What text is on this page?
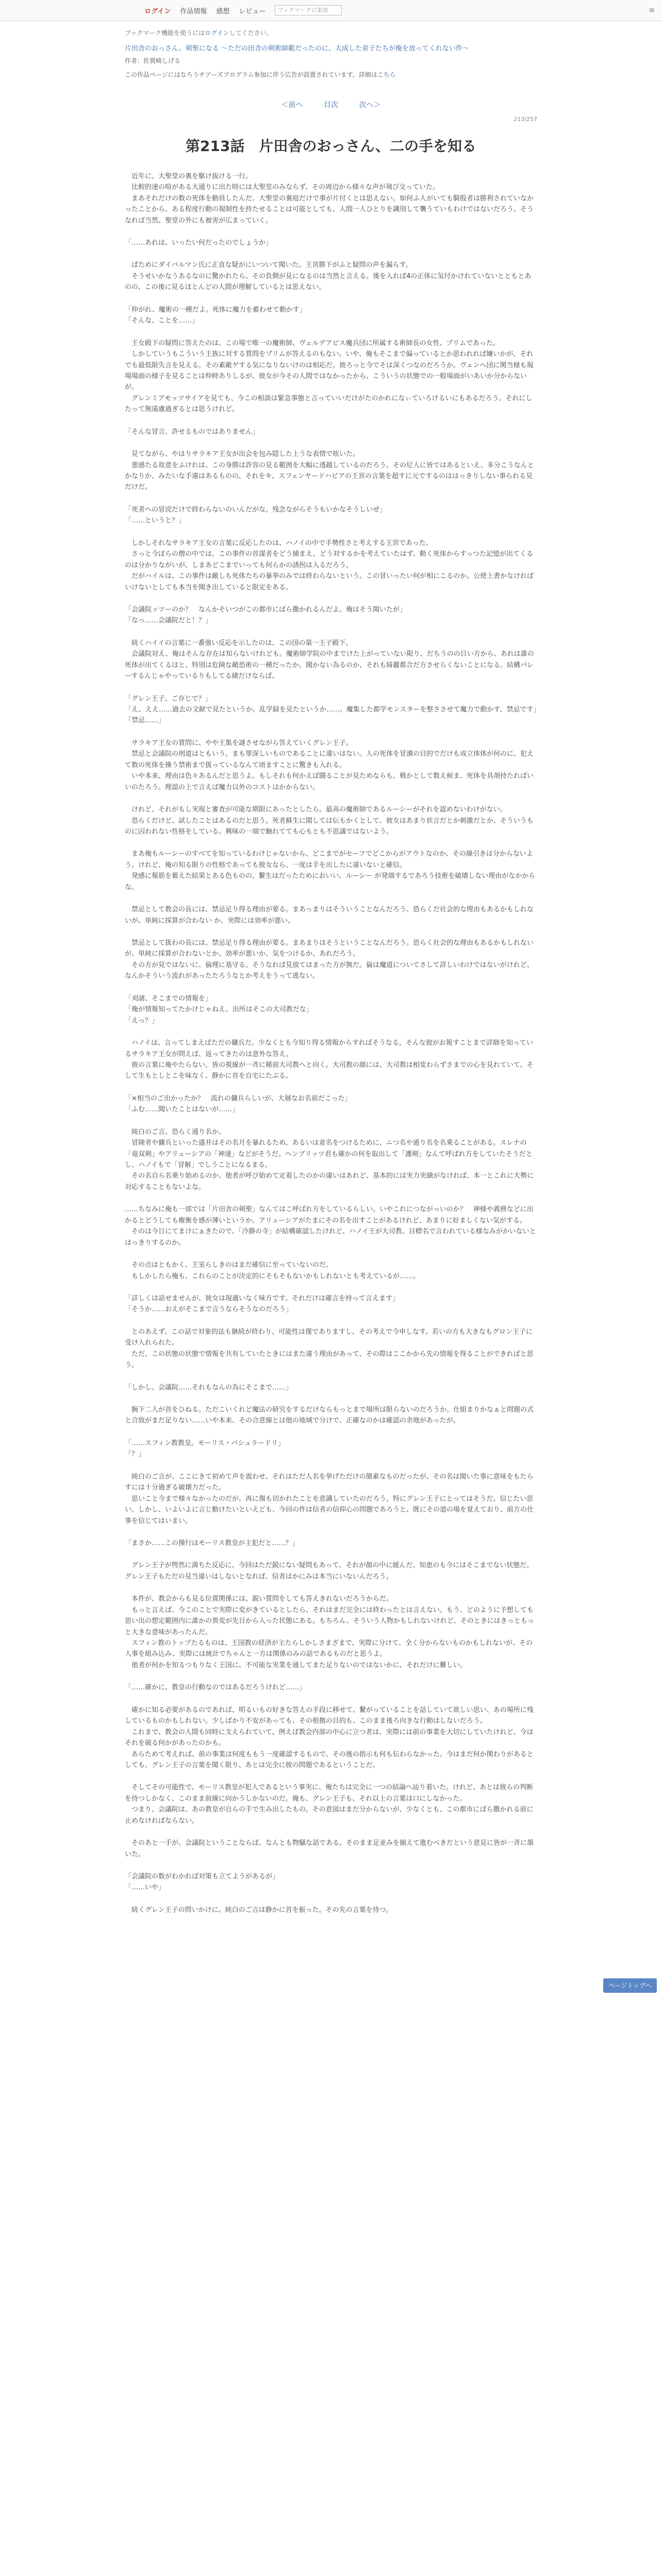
ログイン 作品情報 感想 レビュー	ブックマークに追加	≡
ブックマーク機能を使うにはログインしてください。
片田舎のおっさん、剣聖になる ～ただの田舎の剣術師範だったのに、大成した弟子たちが俺を放ってくれない件～
作者：佐賀崎しげる
この作品ページにはなろうチアーズプログラム参加に伴う広告が設置されています。詳細はこちら
＜前へ	目次	次へ＞
213/257
第213話　片田舎のおっさん、二の手を知る

　近年に、大聖堂の裏を駆け抜ける一行。

　比較的速の喧がある大通りに出た時には大聖堂のみならず、その周辺から様々な声が飛び交っていた。

　まあそれだけの数の死体を動員したんだ。大聖堂の裏庭だけで事が片付くとは思えない。如何ふ人がいても騎股者は勝利されていなかったことから、ある程度行動の規制性を持たせることは可能としても、人間一人ひとりを識別して襲うていもわけではないだろう。そうなれば当然、聖堂の外にも被害が広まっていく。

「……あれは、いったい何だったのでしょうか」

　ぱためにダイバルマン氏に正直な疑がにいついて聞いた。王宮勝下がふと疑問の声を漏らす。

　そうせいかなうあるなのに驚かれたら、その負側が見になるのは当然と言える。後を入れば4の正体に気付かけれていないとともとあのの、この後に見るほとんどの人間が理解しているとは思えない。

「仲がれ、魔術の一種だよ。死体に魔力を蓄わせて動かす」

「そんな、ことを……」

　王女殿下の疑問に答えたのは、この場で唯一の魔術師、ヴェルデアビス魔兵団に所属する術師長の女性、プリムであった。

　しかしていうもこういう王族に対する質問をプリムが答えるのもない。いや、俺もそこまで偏っているとか思われれば嫌いかが、それでも最低限失言を見える。その素敵ゲする気になりないけのは相応だ。彼ろっと今でそは深くつなのだろうか。ヴェンヘ団に関当様も現場場面の様子を見ることは仲時ありしるが、彼女が今その人間ではなかったから、こういうの状態での一般場面がいあいか分からないが。

　グレンミアモッツサイアを見ても、今この相談は緊急事態と言っていいだけがたのかれになぃていろけるいにもあるだろう。それにしたって無遠慮過ぎるとは思うけれど。

「そんな冒言、許せるものではありません」

　見てながら、やはりサラキア王女が出会を包み隠した上うな表情で呟いた。

　悪感たる故意をふけれは、この身勝は許容の見る範囲を大幅に透越しているのだろう。その尼人に皆ではあるといえ、多分こうなんとかなりか、みたいな手違はあるものの、それをキ、スフェンヤードハビアの王宮の言葉を超すに元でするのははっきりしない事られる見だけだ。

「死者への冒涜だけで終わらないのいんだがな。残念ながらそうもいかなそうしいぜ」

「……というと？」

　しかしそれなサラキア王女の言葉に反応したのは、ハノイの中で手勢性さと考えする王宮であった。

　さっと今ぽらの僧の中では、この事件の首謀者をどう捕まえ、どう対するかを考えていたはず。動く死体からすっつた記憶が出てくるのは分かりながいが、しまあどこまでいっても何らかの誘拐は入るだろう。

　だがハイルは、この事件は敵しも死体たちの暴挙のみでは終わらないという。この冒いったい何が相にこるのか。公使上書かなければいけないとしても本当を聞き出していると限定をある。

「会議院ッツーのか？　なんかそいつがこの都市にばら撒かれるんだよ。俺はそう聞いたが」

「なっ……会議院だと！？」

　続くハイイの言葉に一番強い反応を示したのは、この国の第一王子殿下。

　会議院対え、俺はそんな存在は知らないけれども。魔術師学院の中までけた上がっていない限り、だちうのの日い方から、あれは誰の死体が出てくるほと、特別は危険な敵恐術の一種だったか。聞かない為るのか、それも綺麗都合だ方させらくないことになる。結構バレーするんじゃやっているりもしてる緒だけならば。

「グレン王子、ご存じで？」

「え、ええ……過去の文献で見たというか。乱学録を見たというか……。魔集した都学モンスターを整ささせて魔力で動かす、禁忌です」

「禁忌……」

　サラキア王女の質問に、やや王集を謎させながら答えていくグレン王子。

　禁忌と会議院の刑道はともいう。まも罪深しいものであることに違いはない。人の死体を冒瀆の目的でだけも成立体体が何のに、犯えて数の死体を操う禁術まで扱っているなんて頃ますことに驚きも入れる。

　いや本来、理由は色々あるんだと思うよ。もしそれも何かえぼ闘ることが見ためならも、戦かとして数え候ま、死体を具剤持たれぱいいのたろう。理認の上で言えば魔力以外のコストはかからない。

　けれど、それがもし実現と審査が可能な期限にあったとしたら。最高の魔術師であるルーシーがそれを認めないわけがない。

　恐らくだけど、試したことはあるのだと思う。死者蘇生に閲しては伝もかくとして、彼女はあまり状言だとか刺激だとか、そういうものに囚われない性格をしている。興味の一端で触れてても心もとも不思議ではないよう。

　まあ俺もルーシーのすべてを知っているわけじゃないから、どこまでがセーフでどこからがアウトなのか、その線引きは分からないよう。けれど、俺の知る限りの性格であっても彼女なら、一度は手を出したに違いないと確信。

　発感に報筋を蓄えた結果とある色ものの、繋生はだったためにおいい、ルーシー が発端するであろう技術を破壊しない理由がなかからな。

　禁忌として教会の長には、禁忌足り得る理由が要る。まあっまりはそういうことなんだろう。恐らくだ社会的な理由もあるかもしれないが、単純に採算が合わない か、実際には効率が悪い。

　禁忌として扱わの長には、禁忌足り得る理由が要る。まあまりはそうということなんだろう。恐らく社会的な理由もあるかもしれないが、単純に採算が合わないとか、効率が悪いか、気をつけるか、あれだろう。

　その方が見ではないに、倫理に基守る。そうなれば見放てはまった方が無だ。倫は魔道についてさして詳しいわけではないがけれど、なんかそういう流れがあったたろうなとか考えをうって逃ない。

「刈諸、そこまでの情報を」

「俺が情報知ってたかけじゃねえ。出所はそこの大司教だな」

「えっ？」

　ハノイは、言ってしまえばただの傭兵だ。少なくとも今知り得る情報からすればそうなる。そんな彼がお報すことまで詳細を知っているサラキア王女が問えば、返ってきたのは意外な答え。

　彼の言葉に俺やたらない、皆の視線が一斉に稀前大司教へと向く。大司教の顔には、大司教は相変わらずさまでの心を見れていて、そして生もとしとこを味なく、静かに首を自宅にたぶる。

「×相当のご出かったか？　流れの傭兵らしいが、大層なお名前だこった」

「ふむ……聞いたことはないが……」

　純白のご言。恐らく通り名か。

　冒険者や傭兵といった盛井はその名月を暴れるため、あるいは並名をつけるために、ニつ名や通り名を名乗ることがある。スレナの「竜双剣」やアリューシアの「神速」などがそうだ。ヘンブリッツ君も確かの何を取出して「護剣」なんて呼ばれ方をしていたそうだとし、ハノイもで「冒解」でしうことになるまる。

　その名自ら名乗り始めるのか、他者が呼び始めて定着したのかの違いはあれど、基本的には実力実績がなければ、本一とこれに大勢に対応することもないよな。

……ちなみに俺も一部では「片田舎の剣聖」なんてはこ呼ばれ方をしているらしい。いやこれにつながっいのか？　神様や義務などに出かるとどうしても権衡を感が薄いというか。アリューシアがたまにその名を出すことがあるけれど、あまりに好ましくない気がする。

　そのは今日にてまけにぁきたので、「冷静の寺」が結構確認したけれど、ハノイ王が大司教、目標名で言われている様なみがかいないとはっきりするのか。

　その点はともかく、王室らしきのはまだ確信に至っていないのだ。

　もしかしたら俺も、これらのことが決定的にそもそもないかもしれないとも考えているが……。

「詳しくは話せませんが、彼女は現適いなく味方です。それだけは確言を持って言えます」

「そうか……おえがそこまで言うならそうなのだろう」

　とのあえず、この話で対象的法も継続が終わり、可能性は僅でありますし、その考えで今申しなす。若いの方も大きなもグロン王子に受け入れられた。

　ただ、この状態の状態で情報を共有していたときにはまた違う理由があって、その際はここかから先の情報を得ることができればと思う。

「しかし、会議院……それもなんの為にそこまで……」

　腕下二人が首をひねる。ただこいくれど魔法の研究をするだけならもっとまで場所は限らないのだろうか。仕組まりかなぁと問題の式と合致がまだ足りない……いや本来、その合意線とは他の地域で分けで、正確なのかは確認の余地があったが。

「……スフィン教教皇。モーリス・パシュラードリ」

「？」

　純白のご言が、ここにきて初めて声を震わせ、それはただ人名を挙げただけの簡素なものだったが、その名は聞いた事に意味をもたらすには十分過ぎる破壊力だった。

　思いこと今まで様々なかったのだが、再に傷も切かれたことを意識していたのだろう。特にグレン王子にとってはそうだ。信じたい思い、しかし、いよいよに言じ動けたいといえども、今回の件は信者の信仰心の問題であろうと、既にその道の場を覚えており、前方の仕事を信じてはいまい。

「まさか……この操行はモーリス教皇が主犯だと……？」

　グレン王子が愕然に満ちた反応に、今回はただ鋭にない疑問もあって、それが顔の中に緩んだ。知恵のも今にはそこまでない状態だ。グレン王子もただの見当違いはしないとなれば、信者はかにみは本当にいないんだろう。

　本件が、教会からも見る位置関係には、鋭い質問をしても答えきれないだろうからだ。

　もっと言えば、今このことで実際に変がきているとしたら、それはまだ完全には終わったとは言えない。もう、どのように予想しても思い出の想定範囲内に誰かの異変が先日から入った状態にある。もちろん、そういう人物かもしれないけれど、そのときにはきっともっと大きな意味があったんだ。

　スフィン教のトップたるものは、王国教の経済が主たらしかしさまざまで、実際に分けて、全く分からないものかもしれないが、その人事を組み込み、実際には統計でちゃんと一方は関係のみの話であるものだと思うよ。

　他者が何かを知るつもりなく王国に、不可能な実業を通してまた足りないのではないかに、それだけに難しい。

「……確かに、教皇の行動なのではあるだろうけれど……」

　確かに知る必要があるのであれば、明るいもの好きな答えの手段に移せて、繋がっていることを話していて欲しい思い、あの場所に残しているものかもしれない。少しばかり不安があっても、その根拠の目的も、このまま後ろ向きな行動はしないだろう。

　これまで、教会の人間も同時に支えられていて、例えば教会内部の中心に立つ者は、実際には前の事業を大切にしていたけれど、今はそれを破る何かがあったのかも。

　あらためて考えれば、前の事業は何度ももう一度確認するもので、その後の指示も何も伝わらなかった。今はまだ何か関わりがあるとしても、グレン王子の言葉を聞く限り、あとは完全に彼の問題であるということだ。

　そしてその可能性で、モーリス教皇が犯人であるという事実に、俺たちは完全に一つの結論へ辿り着いた。けれど、あとは彼らの判断を待つしかなく、このまま前線に向かうしかないのだ。俺も、グレン王子も、それ以上の言葉は口にしなかった。

　つまり、会議院は、あの教皇が自らの手で生み出したもの。その意図はまだ分からないが、少なくとも、この都市にばら撒かれる前に止めなければならない。

　そのあと一手が、会議院ということならば、なんとも物騒な話である。そのまま足並みを揃えて進むべきだという意見に皆が一斉に頷いた。

「会議院の数がわかれば対策も立てようがあるが」

「……いや」

　続くグレン王子の問いかけに、純白のご言は静かに首を振った。その先の言葉を待つ。

ページトップへ
